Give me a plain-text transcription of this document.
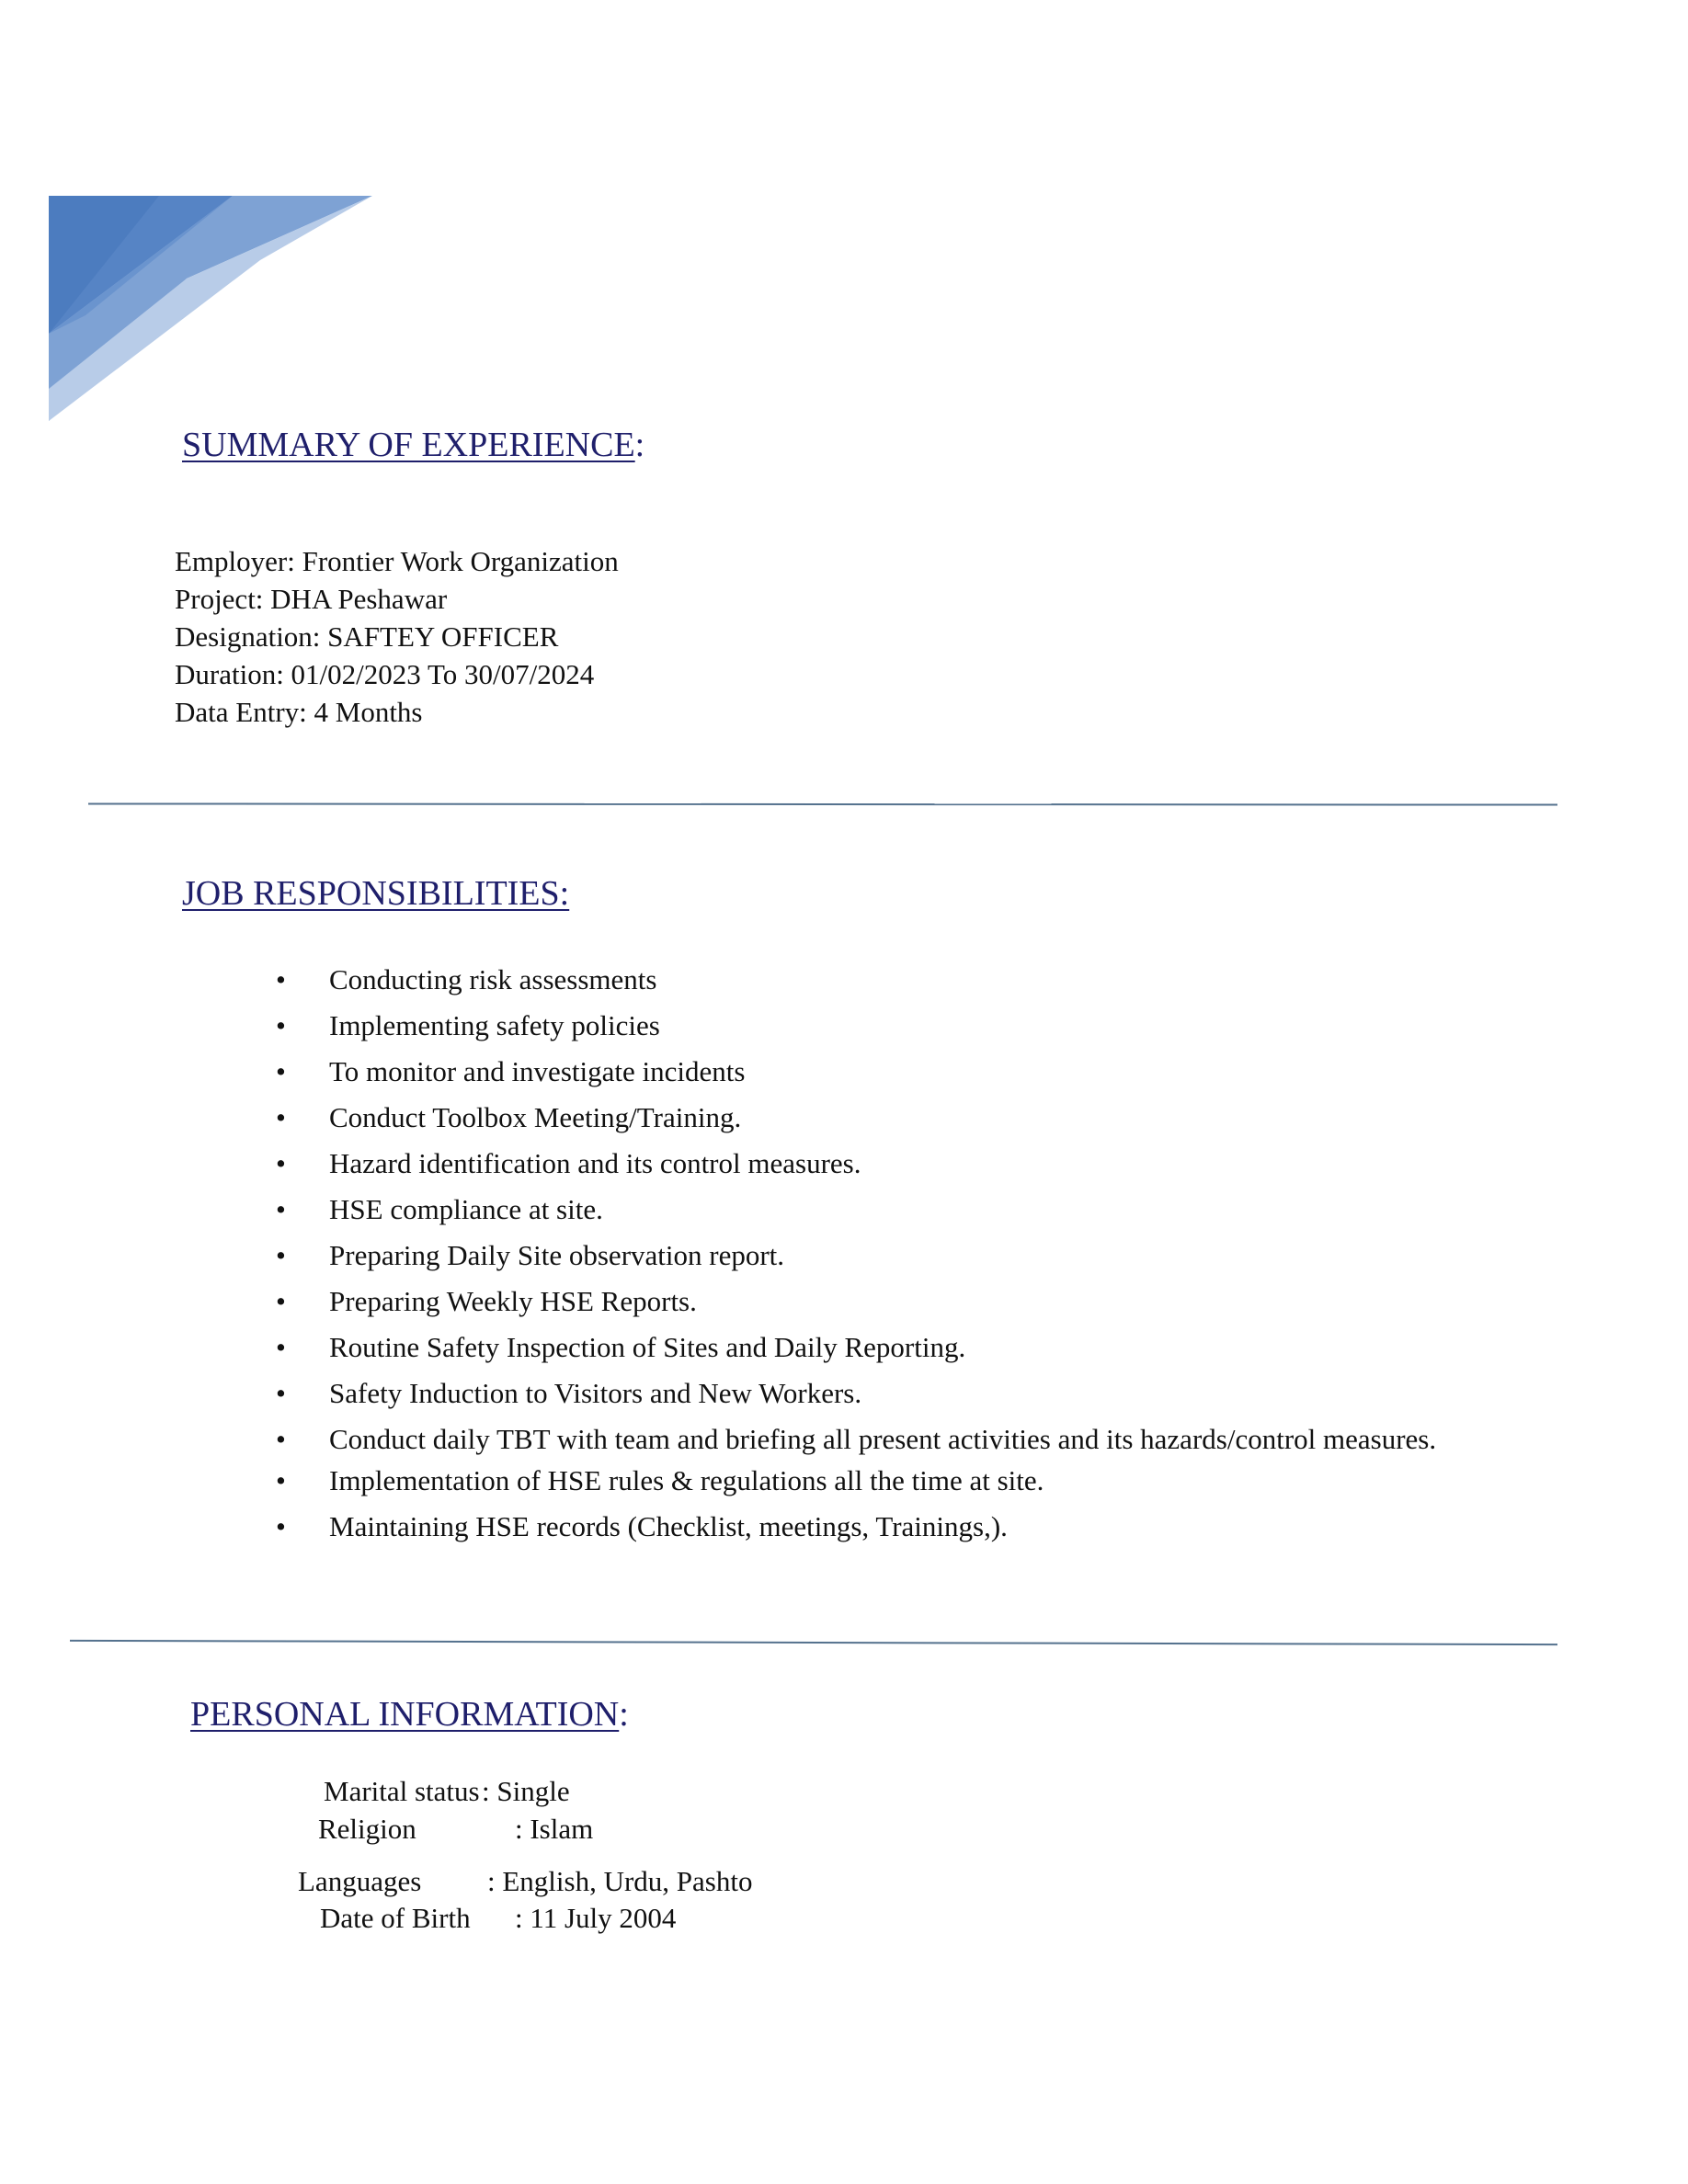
SUMMARY OF EXPERIENCE:
Employer: Frontier Work Organization
Project: DHA Peshawar
Designation: SAFTEY OFFICER
Duration: 01/02/2023 To 30/07/2024
Data Entry: 4 Months
JOB RESPONSIBILITIES:
• Conducting risk assessments
• Implementing safety policies
• To monitor and investigate incidents
• Conduct Toolbox Meeting/Training.
• Hazard identification and its control measures.
• HSE compliance at site.
• Preparing Daily Site observation report.
• Preparing Weekly HSE Reports.
• Routine Safety Inspection of Sites and Daily Reporting.
• Safety Induction to Visitors and New Workers.
• Conduct daily TBT with team and briefing all present activities and its hazards/control measures.
• Implementation of HSE rules & regulations all the time at site.
• Maintaining HSE records (Checklist, meetings, Trainings,).
PERSONAL INFORMATION:
Marital status : Single
Religion	: Islam
Languages : English, Urdu, Pashto
Date of Birth : 11 July 2004
